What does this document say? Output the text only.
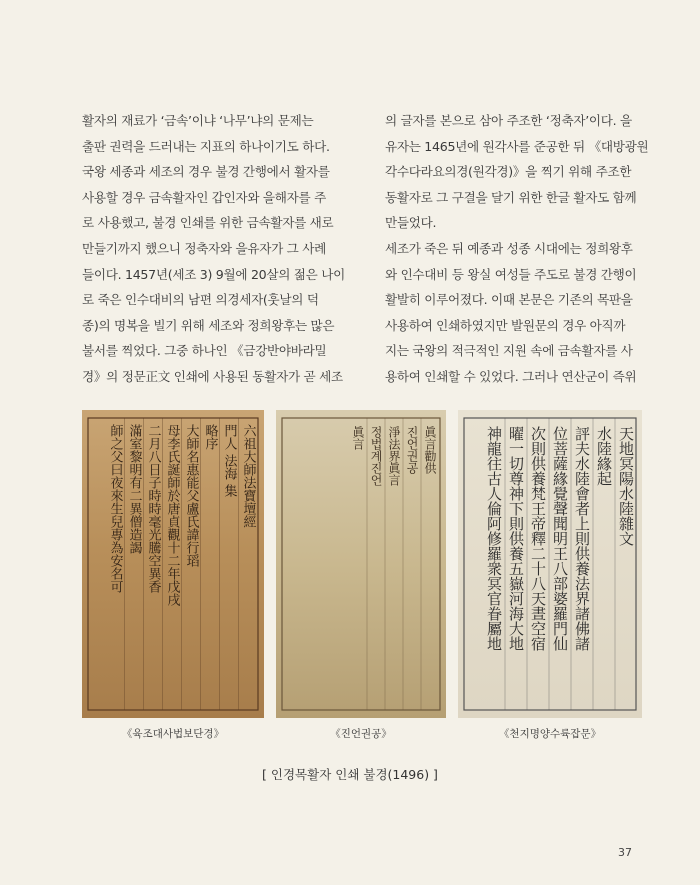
활자의 재료가 ‘금속’이냐 ‘나무’냐의 문제는
출판 권력을 드러내는 지표의 하나이기도 하다.
국왕 세종과 세조의 경우 불경 간행에서 활자를
사용할 경우 금속활자인 갑인자와 을해자를 주
로 사용했고, 불경 인쇄를 위한 금속활자를 새로
만들기까지 했으니 정축자와 을유자가 그 사례
들이다. 1457년(세조 3) 9월에 20살의 젊은 나이
로 죽은 인수대비의 남편 의경세자(훗날의 덕
종)의 명복을 빌기 위해 세조와 정희왕후는 많은
불서를 찍었다. 그중 하나인 《금강반야바라밀
경》의 정문正文 인쇄에 사용된 동활자가 곧 세조
의 글자를 본으로 삼아 주조한 ‘정축자’이다. 을
유자는 1465년에 원각사를 준공한 뒤 《대방광원
각수다라요의경(원각경)》을 찍기 위해 주조한
동활자로 그 구결을 달기 위한 한글 활자도 함께
만들었다.
세조가 죽은 뒤 예종과 성종 시대에는 정희왕후
와 인수대비 등 왕실 여성들 주도로 불경 간행이
활발히 이루어졌다. 이때 본문은 기존의 목판을
사용하여 인쇄하였지만 발원문의 경우 아직까
지는 국왕의 적극적인 지원 속에 금속활자를 사
용하여 인쇄할 수 있었다. 그러나 연산군이 즉위
六祖大師法寶壇經
門人 法海 集
略序
大師名惠能父盧氏諱行瑫
母李氏誕師於唐貞觀十二年戊戌
二月八日子時時毫光騰空異香
滿室黎明有二異僧造謁
師之父曰夜來生兒專為安名可	眞言勸供
진언권공
淨法界眞言
정법계진언
眞言	天地冥陽水陸雜文
水陸緣起
評夫水陸會者上則供養法界諸佛諸
位菩薩緣覺聲聞明王八部婆羅門仙
次則供養梵王帝釋二十八天晝空宿
曜一切尊神下則供養五嶽河海大地
神龍往古人倫阿修羅衆冥官眷屬地
《육조대사법보단경》	《진언권공》	《천지명양수륙잡문》
[ 인경목활자 인쇄 불경(1496) ]
37
